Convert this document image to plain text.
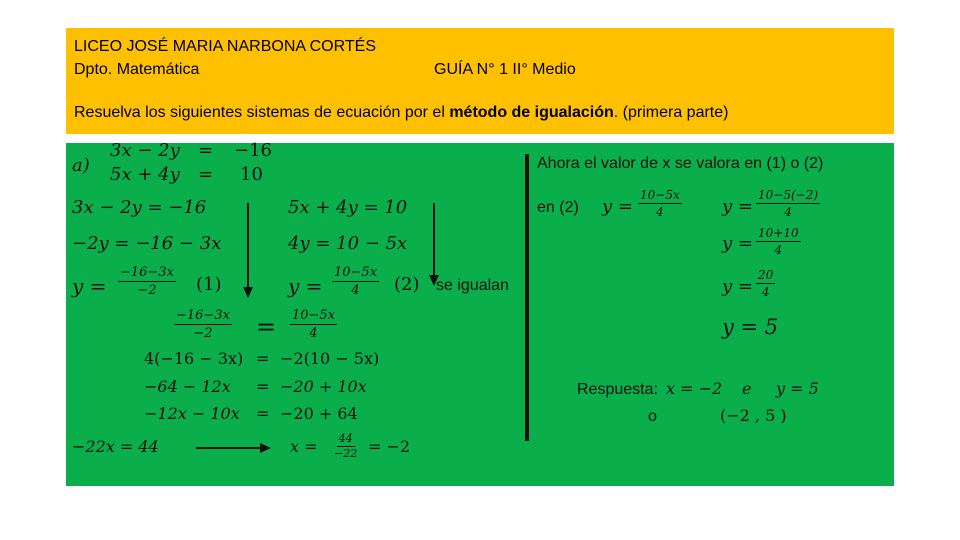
LICEO JOSÉ MARIA NARBONA CORTÉS
Dpto. Matemática	GUÍA N° 1 II° Medio
Resuelva los siguientes sistemas de ecuación por el método de igualación. (primera parte)
a)
3x − 2y = −16
5x + 4y = 10
3x − 2y = −16
−2y = −16 − 3x
$y = \frac{-16-3x}{-2} (1)$
5x + 4y = 10
4y = 10 − 5x
$y = \frac{10-5x}{4} (2)$ se igualan
$\frac{-16-3x}{-2} = \frac{10-5x}{4}$
4(−16 − 3x) = −2(10 − 5x)
−64 − 12x = −20 + 10x
−12x − 10x = −20 + 64
−22x = 44	$x = \frac{44}{-22} = -2$
Ahora el valor de x se valora en (1) o (2)
en (2) $y = \frac{10-5x}{4}$ $y = \frac{10-5(-2)}{4}$
$y = \frac{10+10}{4}$
$y = \frac{20}{4}$
y = 5
Respuesta: x = −2 e y = 5
o	(−2 , 5 )
